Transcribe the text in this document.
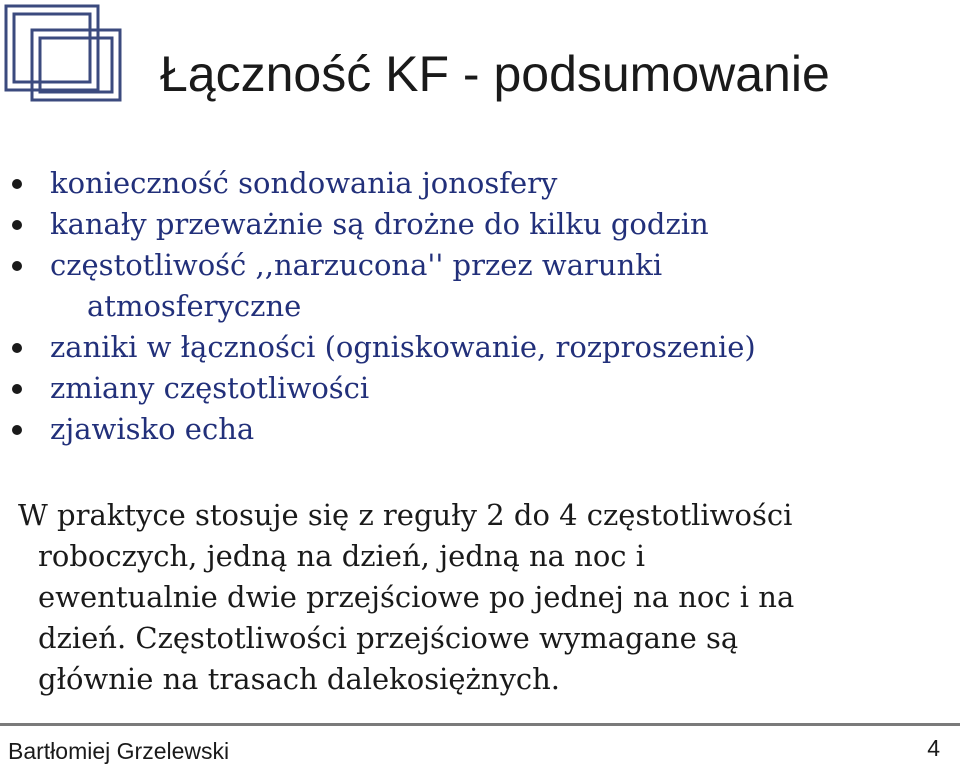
Łączność KF - podsumowanie
konieczność sondowania jonosfery
kanały przeważnie są drożne do kilku godzin
częstotliwość ,,narzucona'' przez warunki
atmosferyczne
zaniki w łączności (ogniskowanie, rozproszenie)
zmiany częstotliwości
zjawisko echa
W praktyce stosuje się z reguły 2 do 4 częstotliwości
roboczych, jedną na dzień, jedną na noc i
ewentualnie dwie przejściowe po jednej na noc i na
dzień. Częstotliwości przejściowe wymagane są
głównie na trasach dalekosiężnych.
Bartłomiej Grzelewski	4
